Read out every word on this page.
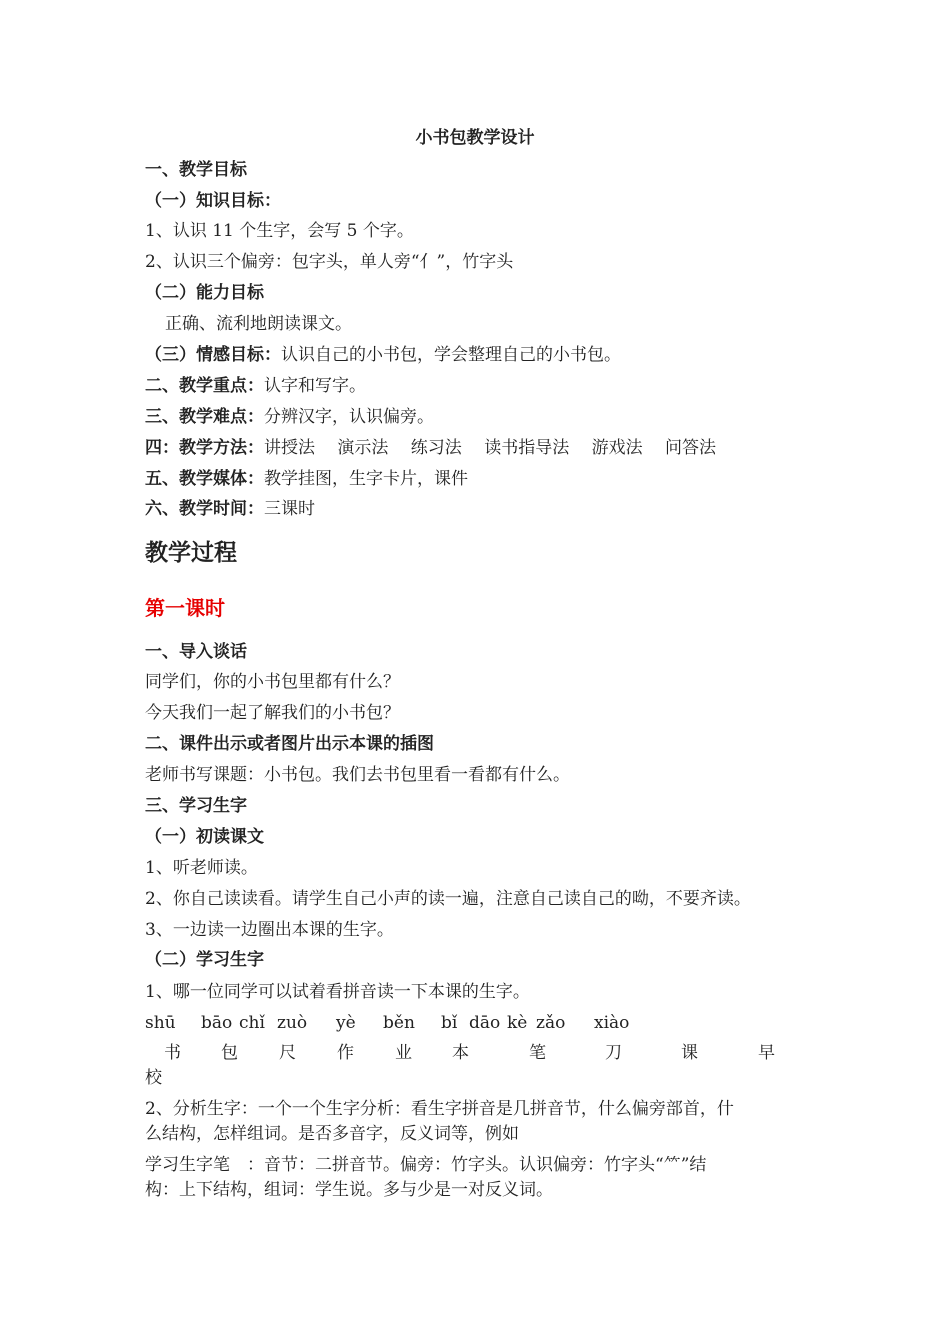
小书包教学设计
一、教学目标
（一）知识目标：
1、认识 11 个生字，会写 5 个字。
2、认识三个偏旁：包字头，单人旁“亻”，竹字头
（二）能力目标
正确、流利地朗读课文。
（三）情感目标：认识自己的小书包，学会整理自己的小书包。
二、教学重点：认字和写字。
三、教学难点：分辨汉字，认识偏旁。
四：教学方法：讲授法　 演示法　 练习法　 读书指导法　 游戏法　 问答法
五、教学媒体：教学挂图，生字卡片，课件
六、教学时间：三课时
教学过程
第一课时
一、导入谈话
同学们，你的小书包里都有什么？
今天我们一起了解我们的小书包？
二、课件出示或者图片出示本课的插图
老师书写课题：小书包。我们去书包里看一看都有什么。
三、学习生字
（一）初读课文
1、听老师读。
2、你自己读读看。请学生自己小声的读一遍，注意自己读自己的呦，不要齐读。
3、一边读一边圈出本课的生字。
（二）学习生字
1、哪一位同学可以试着看拼音读一下本课的生字。
shū bāo chǐ zuò yè běn bǐ dāo kè zǎo xiào
书 包 尺 作 业 本	笔	刀	课	早
校
2、分析生字：一个一个生字分析：看生字拼音是几拼音节，什么偏旁部首，什
么结构，怎样组词。是否多音字，反义词等，例如
学习生字笔　：音节：二拼音节。偏旁：竹字头。认识偏旁：竹字头“⺮”结
构：上下结构，组词：学生说。多与少是一对反义词。
